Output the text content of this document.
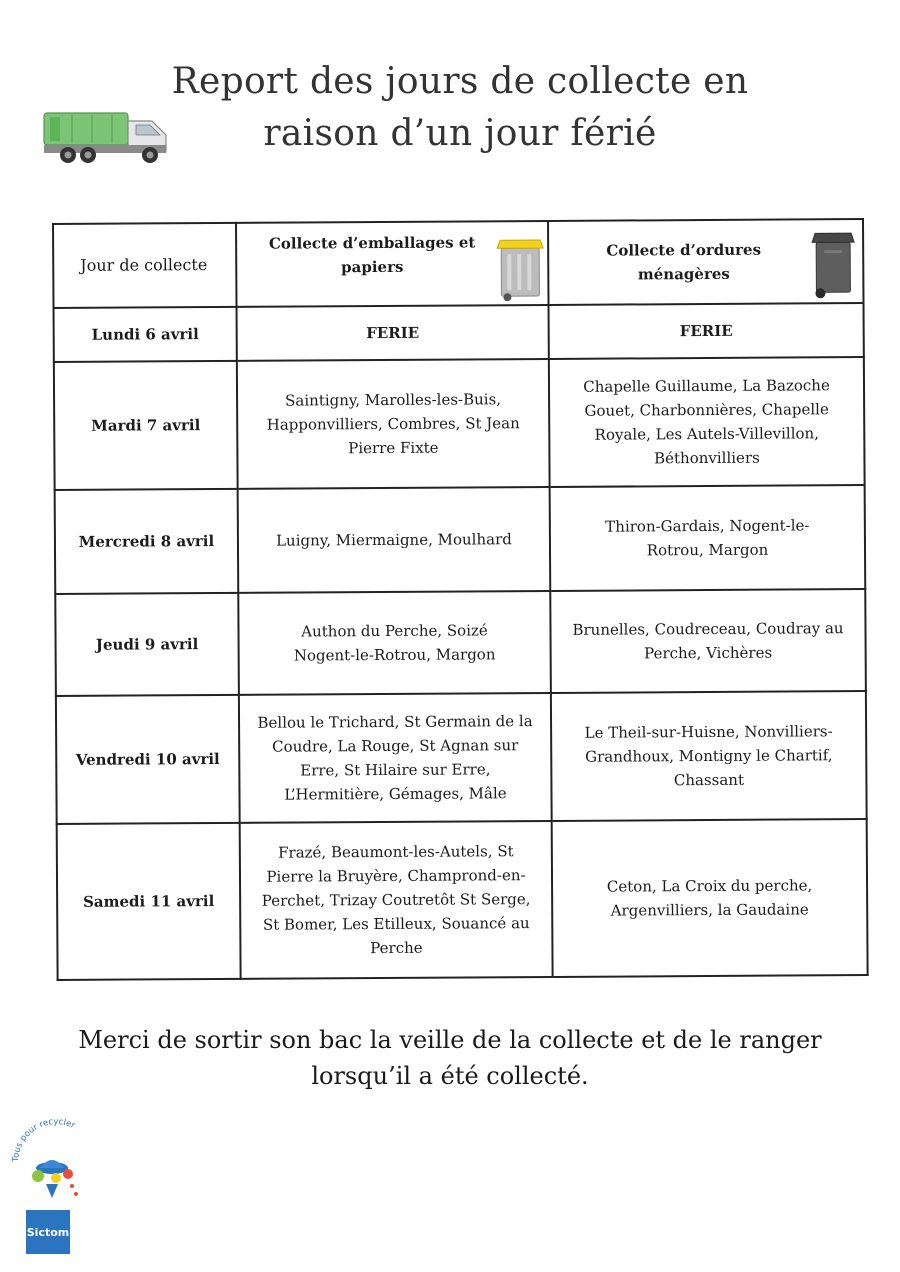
Report des jours de collecte en
raison d’un jour férié
Jour de collecte	Collecte d’emballages et papiers	Collecte d’ordures ménagères

Lundi 6 avril	FERIE	FERIE
Mardi 7 avril	Saintigny, Marolles-les-Buis, Happonvilliers, Combres, St Jean Pierre Fixte	Chapelle Guillaume, La Bazoche Gouet, Charbonnières, Chapelle Royale, Les Autels-Villevillon, Béthonvilliers
Mercredi 8 avril	Luigny, Miermaigne, Moulhard	Thiron-Gardais, Nogent-le-Rotrou, Margon
Jeudi 9 avril	Authon du Perche, Soizé Nogent-le-Rotrou, Margon	Brunelles, Coudreceau, Coudray au Perche, Vichères
Vendredi 10 avril	Bellou le Trichard, St Germain de la Coudre, La Rouge, St Agnan sur Erre, St Hilaire sur Erre, L’Hermitière, Gémages, Mâle	Le Theil-sur-Huisne, Nonvilliers-Grandhoux, Montigny le Chartif, Chassant
Samedi 11 avril	Frazé, Beaumont-les-Autels, St Pierre la Bruyère, Champrond-en-Perchet, Trizay Coutretôt St Serge, St Bomer, Les Etilleux, Souancé au Perche	Ceton, La Croix du perche, Argenvilliers, la Gaudaine
Merci de sortir son bac la veille de la collecte et de le ranger
lorsqu’il a été collecté.
Tous pour recycler
Sictom
